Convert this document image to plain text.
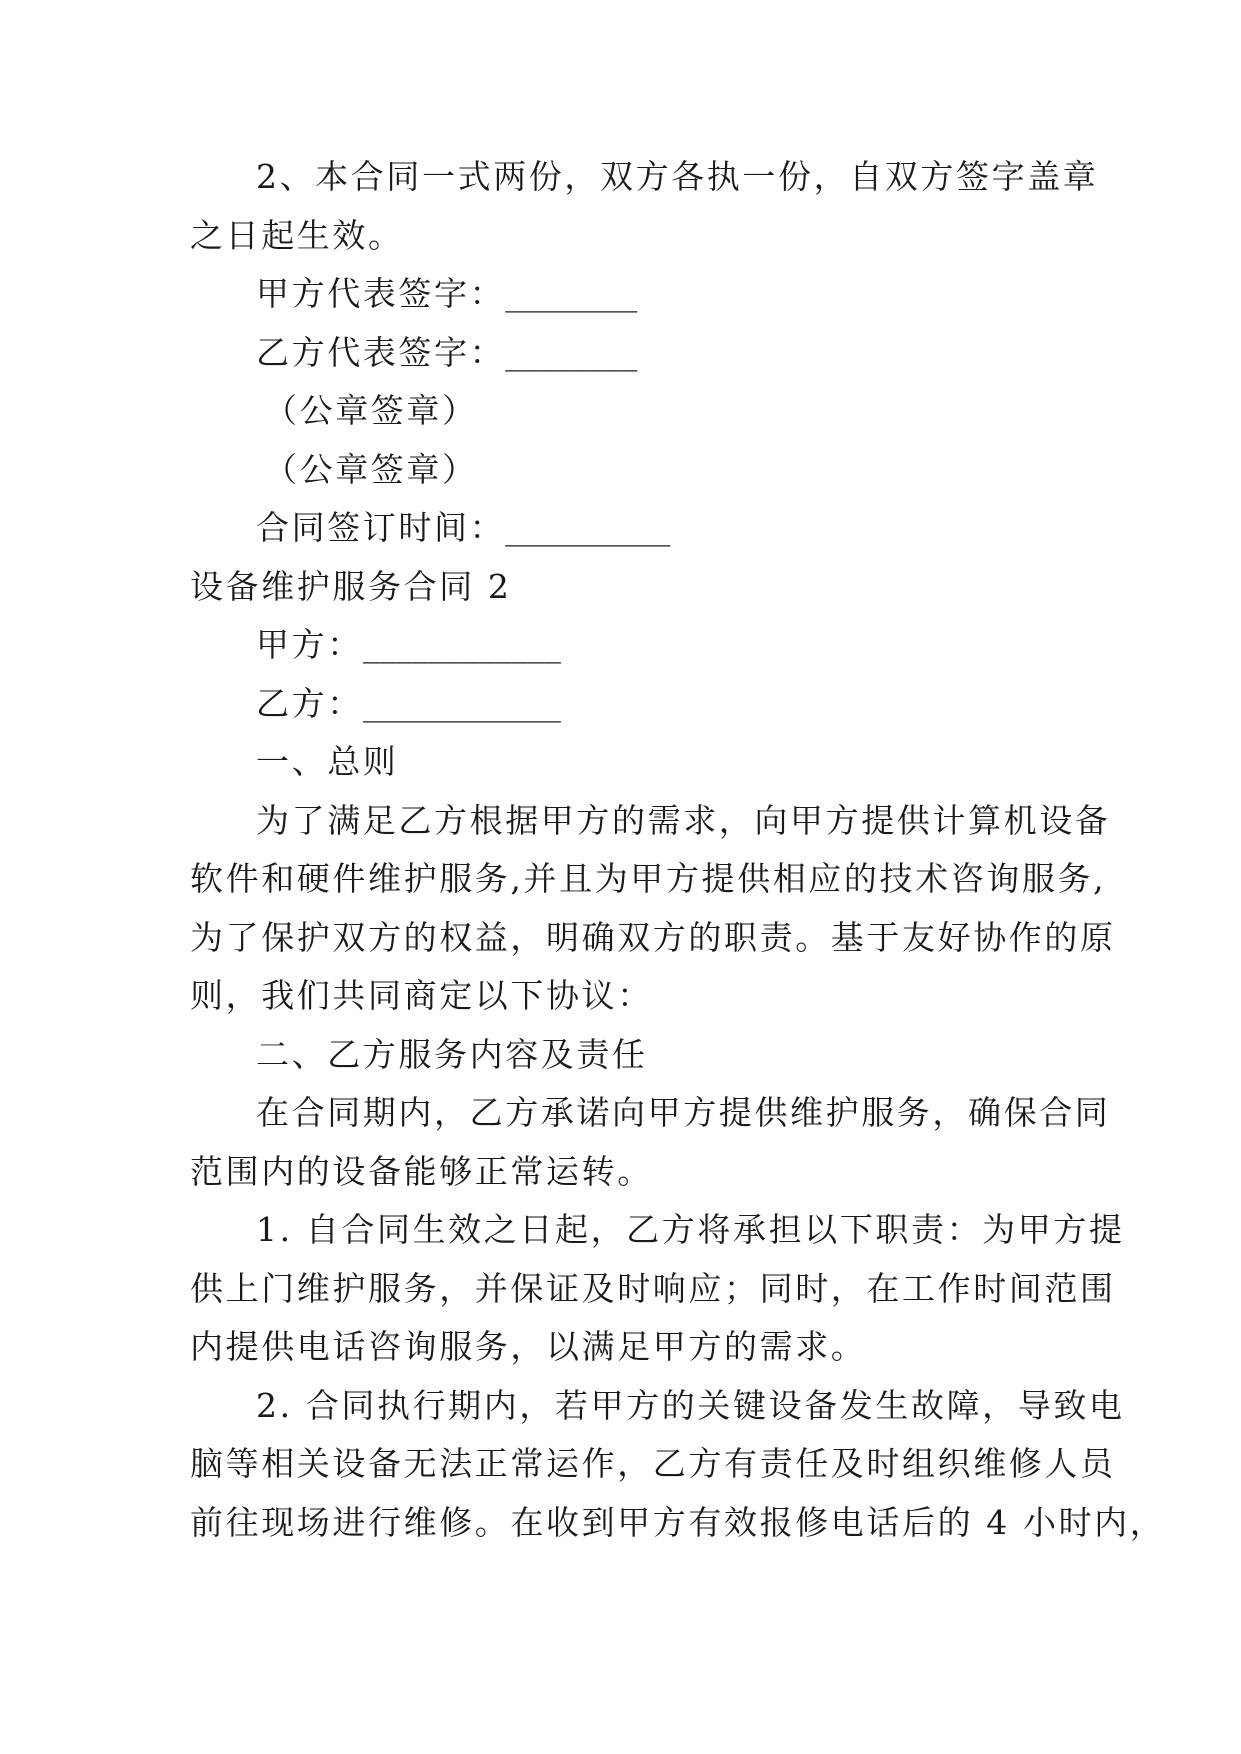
2、本合同一式两份，双方各执一份，自双方签字盖章
之日起生效。
甲方代表签字：________
乙方代表签字：________
（公章签章）
（公章签章）
合同签订时间：__________
设备维护服务合同 2
甲方：____________
乙方：____________
一、总则
为了满足乙方根据甲方的需求，向甲方提供计算机设备
软件和硬件维护服务,并且为甲方提供相应的技术咨询服务,
为了保护双方的权益，明确双方的职责。基于友好协作的原
则，我们共同商定以下协议：
二、乙方服务内容及责任
在合同期内，乙方承诺向甲方提供维护服务，确保合同
范围内的设备能够正常运转。
1. 自合同生效之日起，乙方将承担以下职责：为甲方提
供上门维护服务，并保证及时响应；同时，在工作时间范围
内提供电话咨询服务，以满足甲方的需求。
2. 合同执行期内，若甲方的关键设备发生故障，导致电
脑等相关设备无法正常运作，乙方有责任及时组织维修人员
前往现场进行维修。在收到甲方有效报修电话后的 4 小时内，
